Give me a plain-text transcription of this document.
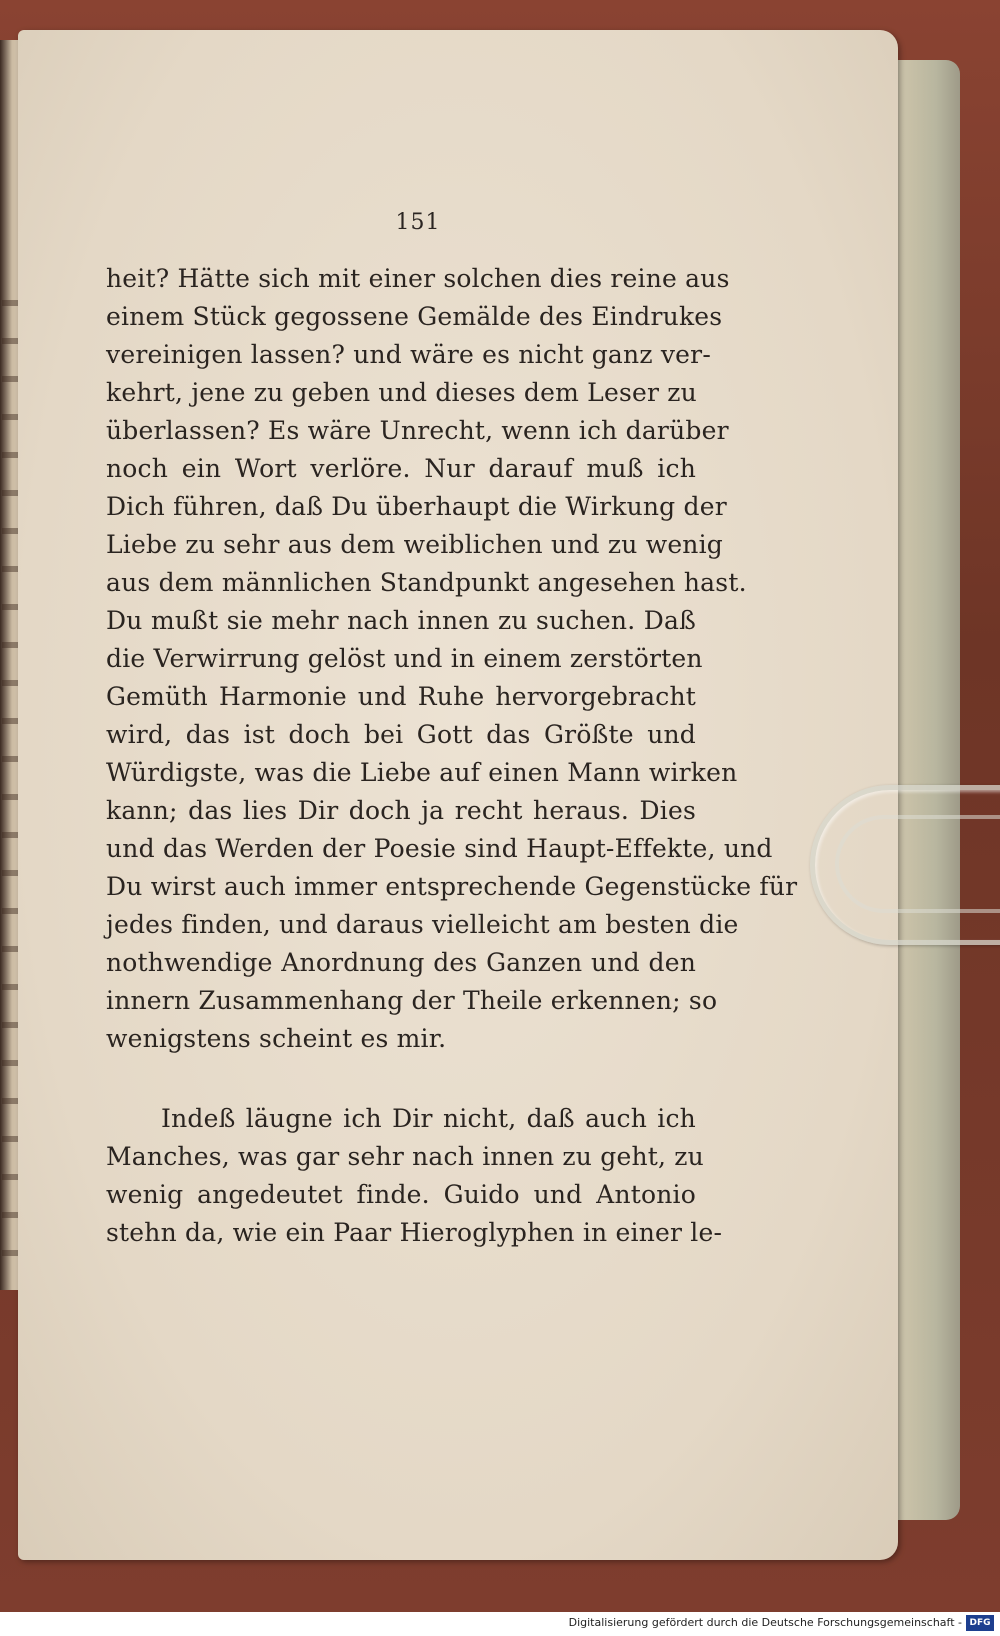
151
heit? Hätte sich mit einer solchen dies reine aus
einem Stück gegossene Gemälde des Eindrukes
vereinigen lassen? und wäre es nicht ganz ver-
kehrt, jene zu geben und dieses dem Leser zu
überlassen? Es wäre Unrecht, wenn ich darüber
noch ein Wort verlöre. Nur darauf muß ich
Dich führen, daß Du überhaupt die Wirkung der
Liebe zu sehr aus dem weiblichen und zu wenig
aus dem männlichen Standpunkt angesehen hast.
Du mußt sie mehr nach innen zu suchen. Daß
die Verwirrung gelöst und in einem zerstörten
Gemüth Harmonie und Ruhe hervorgebracht
wird, das ist doch bei Gott das Größte und
Würdigste, was die Liebe auf einen Mann wirken
kann; das lies Dir doch ja recht heraus. Dies
und das Werden der Poesie sind Haupt-Effekte, und
Du wirst auch immer entsprechende Gegenstücke für
jedes finden, und daraus vielleicht am besten die
nothwendige Anordnung des Ganzen und den
innern Zusammenhang der Theile erkennen; so
wenigstens scheint es mir.
Indeß läugne ich Dir nicht, daß auch ich
Manches, was gar sehr nach innen zu geht, zu
wenig angedeutet finde. Guido und Antonio
stehn da, wie ein Paar Hieroglyphen in einer le-
Digitalisierung gefördert durch die Deutsche Forschungsgemeinschaft - DFG
